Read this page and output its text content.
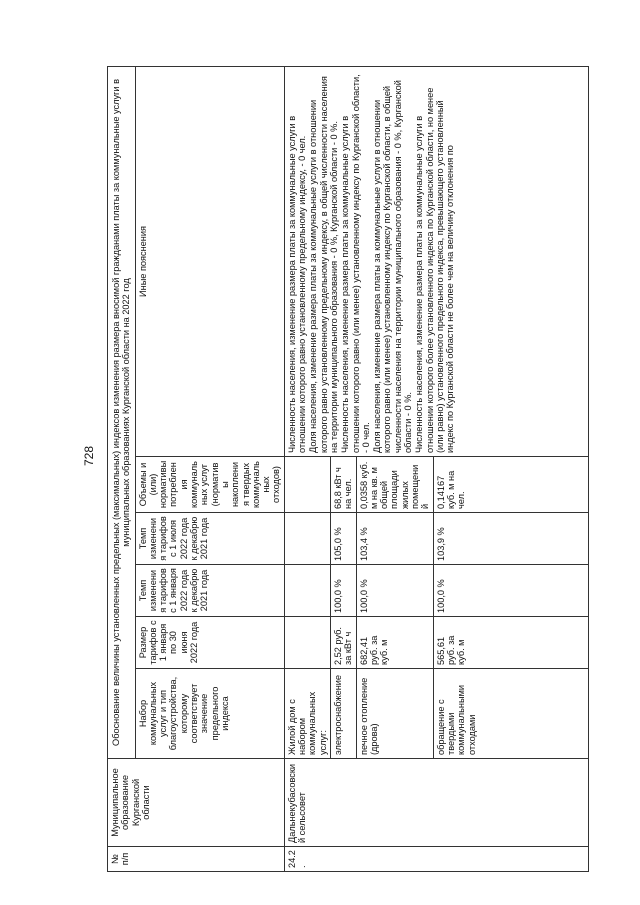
728
№ п/п	Муниципальное образование Курганской области	Обоснование величины установленных предельных (максимальных) индексов изменения размера вносимой гражданами платы за коммунальные услуги в муниципальных образованиях Курганской области на 2022 год					
		Набор коммунальных услуг и тип благоустройства, которому соответствует значение предельного индекса	Размер тарифов с 1 января по 30 июня 2022 года	Темп изменения тарифов с 1 января 2022 года к декабрю 2021 года	Темп изменения тарифов с 1 июля 2022 года к декабрю 2021 года	Объемы и (или) нормативы потребления коммунальных услуг (нормативы накопления твердых коммунальных отходов)	Иные пояснения
24.2.	Дальнекубасовский сельсовет	Жилой дом с набором коммунальных услуг:					Численность населения, изменение размера платы за коммунальные услуги в отношении которого равно установленному предельному индексу, - 0 чел. Доля населения, изменение размера платы за коммунальные услуги в отношении которого равно установленному предельному индексу, в общей численности населения на территории муниципального образования - 0 %, Курганской области - 0 %. Численность населения, изменение размера платы за коммунальные услуги в отношении которого равно (или менее) установленному индексу по Курганской области, - 0 чел. Доля населения, изменение размера платы за коммунальные услуги в отношении которого равно (или менее) установленному индексу по Курганской области, в общей численности населения на территории муниципального образования - 0 %, Курганской области - 0 %. Численность населения, изменение размера платы за коммунальные услуги в отношении которого более установленного индекса по Курганской области, но менее (или равно) установленного предельного индекса, превышающего установленный индекс по Курганской области не более чем на величину отклонения по

		электроснабжение	2,52 руб. за кВт ч	100,0 %	105,0 %	68,8 кВт ч на чел.	
		печное отопление (дрова)	682,41 руб. за куб. м	100,0 %	103,4 %	0,0358 куб. м на кв. м общей площади жилых помещений	
		обращение с твердыми коммунальными отходами	565,61 руб. за куб. м	100,0 %	103,9 %	0,14167 куб. м на чел.	
